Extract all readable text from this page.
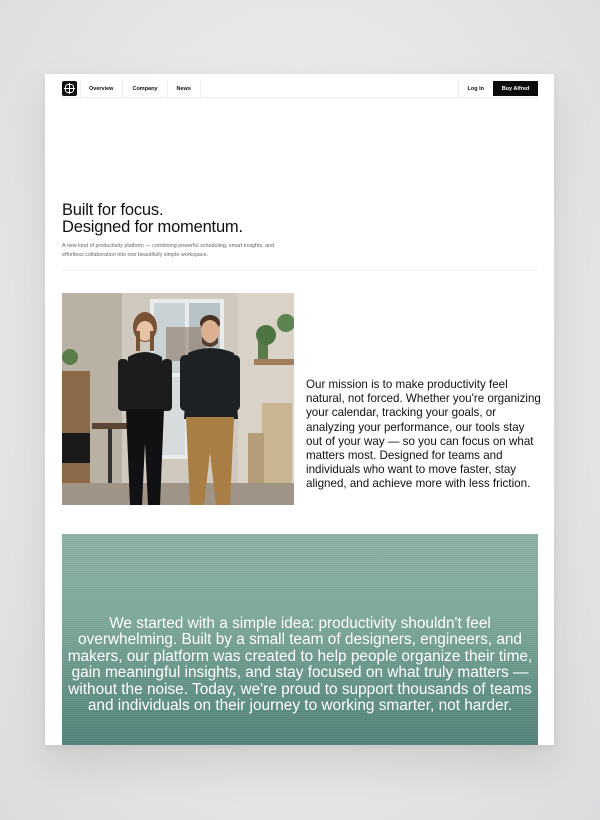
Overview	Company	News	Log In	Buy Alfred
Built for focus.
Designed for momentum.

A new kind of productivity platform — combining powerful scheduling, smart insights, and effortless collaboration into one beautifully simple workspace.

Our mission is to make productivity feel natural, not forced. Whether you're organizing your calendar, tracking your goals, or analyzing your performance, our tools stay out of your way — so you can focus on what matters most. Designed for teams and individuals who want to move faster, stay aligned, and achieve more with less friction.

We started with a simple idea: productivity shouldn't feel overwhelming. Built by a small team of designers, engineers, and makers, our platform was created to help people organize their time, gain meaningful insights, and stay focused on what truly matters — without the noise. Today, we're proud to support thousands of teams and individuals on their journey to working smarter, not harder.
